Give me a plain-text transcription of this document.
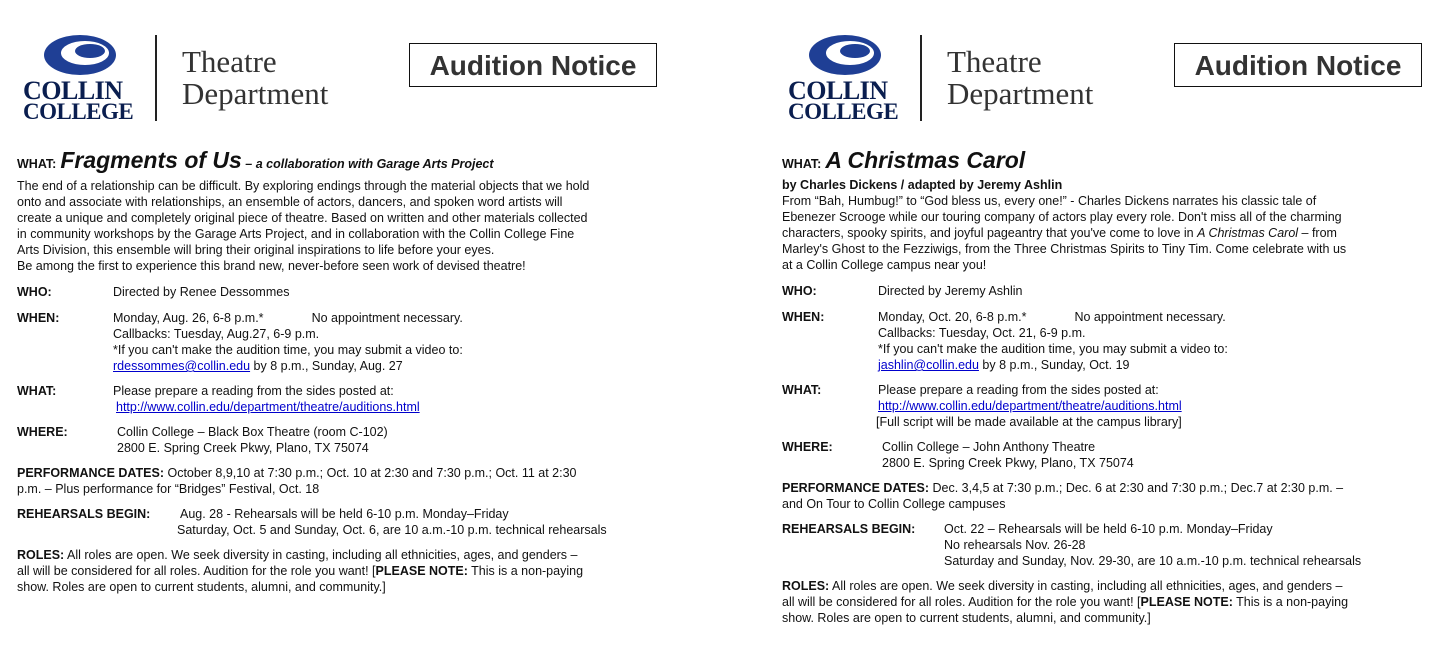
COLLIN
COLLEGE
Theatre
Department
Audition Notice
WHAT: Fragments of Us – a collaboration with Garage Arts Project
The end of a relationship can be difficult. By exploring endings through the material objects that we hold
onto and associate with relationships, an ensemble of actors, dancers, and spoken word artists will
create a unique and completely original piece of theatre. Based on written and other materials collected
in community workshops by the Garage Arts Project, and in collaboration with the Collin College Fine
Arts Division, this ensemble will bring their original inspirations to life before your eyes.
Be among the first to experience this brand new, never-before seen work of devised theatre!
WHO:	Directed by Renee Dessommes
WHEN:	Monday, Aug. 26, 6-8 p.m.*	No appointment necessary.
Callbacks: Tuesday, Aug.27, 6-9 p.m.
*If you can't make the audition time, you may submit a video to:
rdessommes@collin.edu by 8 p.m., Sunday, Aug. 27
WHAT:	Please prepare a reading from the sides posted at:
http://www.collin.edu/department/theatre/auditions.html
WHERE:	Collin College – Black Box Theatre (room C-102)
2800 E. Spring Creek Pkwy, Plano, TX 75074
PERFORMANCE DATES: October 8,9,10 at 7:30 p.m.; Oct. 10 at 2:30 and 7:30 p.m.; Oct. 11 at 2:30
p.m. – Plus performance for “Bridges” Festival, Oct. 18
REHEARSALS BEGIN:	Aug. 28 - Rehearsals will be held 6-10 p.m. Monday–Friday
Saturday, Oct. 5 and Sunday, Oct. 6, are 10 a.m.-10 p.m. technical rehearsals
ROLES: All roles are open. We seek diversity in casting, including all ethnicities, ages, and genders –
all will be considered for all roles. Audition for the role you want! [PLEASE NOTE: This is a non-paying
show. Roles are open to current students, alumni, and community.]
COLLIN
COLLEGE
Theatre
Department
Audition Notice
WHAT: A Christmas Carol
by Charles Dickens / adapted by Jeremy Ashlin
From “Bah, Humbug!” to “God bless us, every one!” - Charles Dickens narrates his classic tale of
Ebenezer Scrooge while our touring company of actors play every role. Don't miss all of the charming
characters, spooky spirits, and joyful pageantry that you've come to love in A Christmas Carol – from
Marley's Ghost to the Fezziwigs, from the Three Christmas Spirits to Tiny Tim. Come celebrate with us
at a Collin College campus near you!
WHO:	Directed by Jeremy Ashlin
WHEN:	Monday, Oct. 20, 6-8 p.m.*	No appointment necessary.
Callbacks: Tuesday, Oct. 21, 6-9 p.m.
*If you can't make the audition time, you may submit a video to:
jashlin@collin.edu by 8 p.m., Sunday, Oct. 19
WHAT:	Please prepare a reading from the sides posted at:
http://www.collin.edu/department/theatre/auditions.html
[Full script will be made available at the campus library]
WHERE:	Collin College – John Anthony Theatre
2800 E. Spring Creek Pkwy, Plano, TX 75074
PERFORMANCE DATES: Dec. 3,4,5 at 7:30 p.m.; Dec. 6 at 2:30 and 7:30 p.m.; Dec.7 at 2:30 p.m. –
and On Tour to Collin College campuses
REHEARSALS BEGIN:	Oct. 22 – Rehearsals will be held 6-10 p.m. Monday–Friday
No rehearsals Nov. 26-28
Saturday and Sunday, Nov. 29-30, are 10 a.m.-10 p.m. technical rehearsals
ROLES: All roles are open. We seek diversity in casting, including all ethnicities, ages, and genders –
all will be considered for all roles. Audition for the role you want! [PLEASE NOTE: This is a non-paying
show. Roles are open to current students, alumni, and community.]
